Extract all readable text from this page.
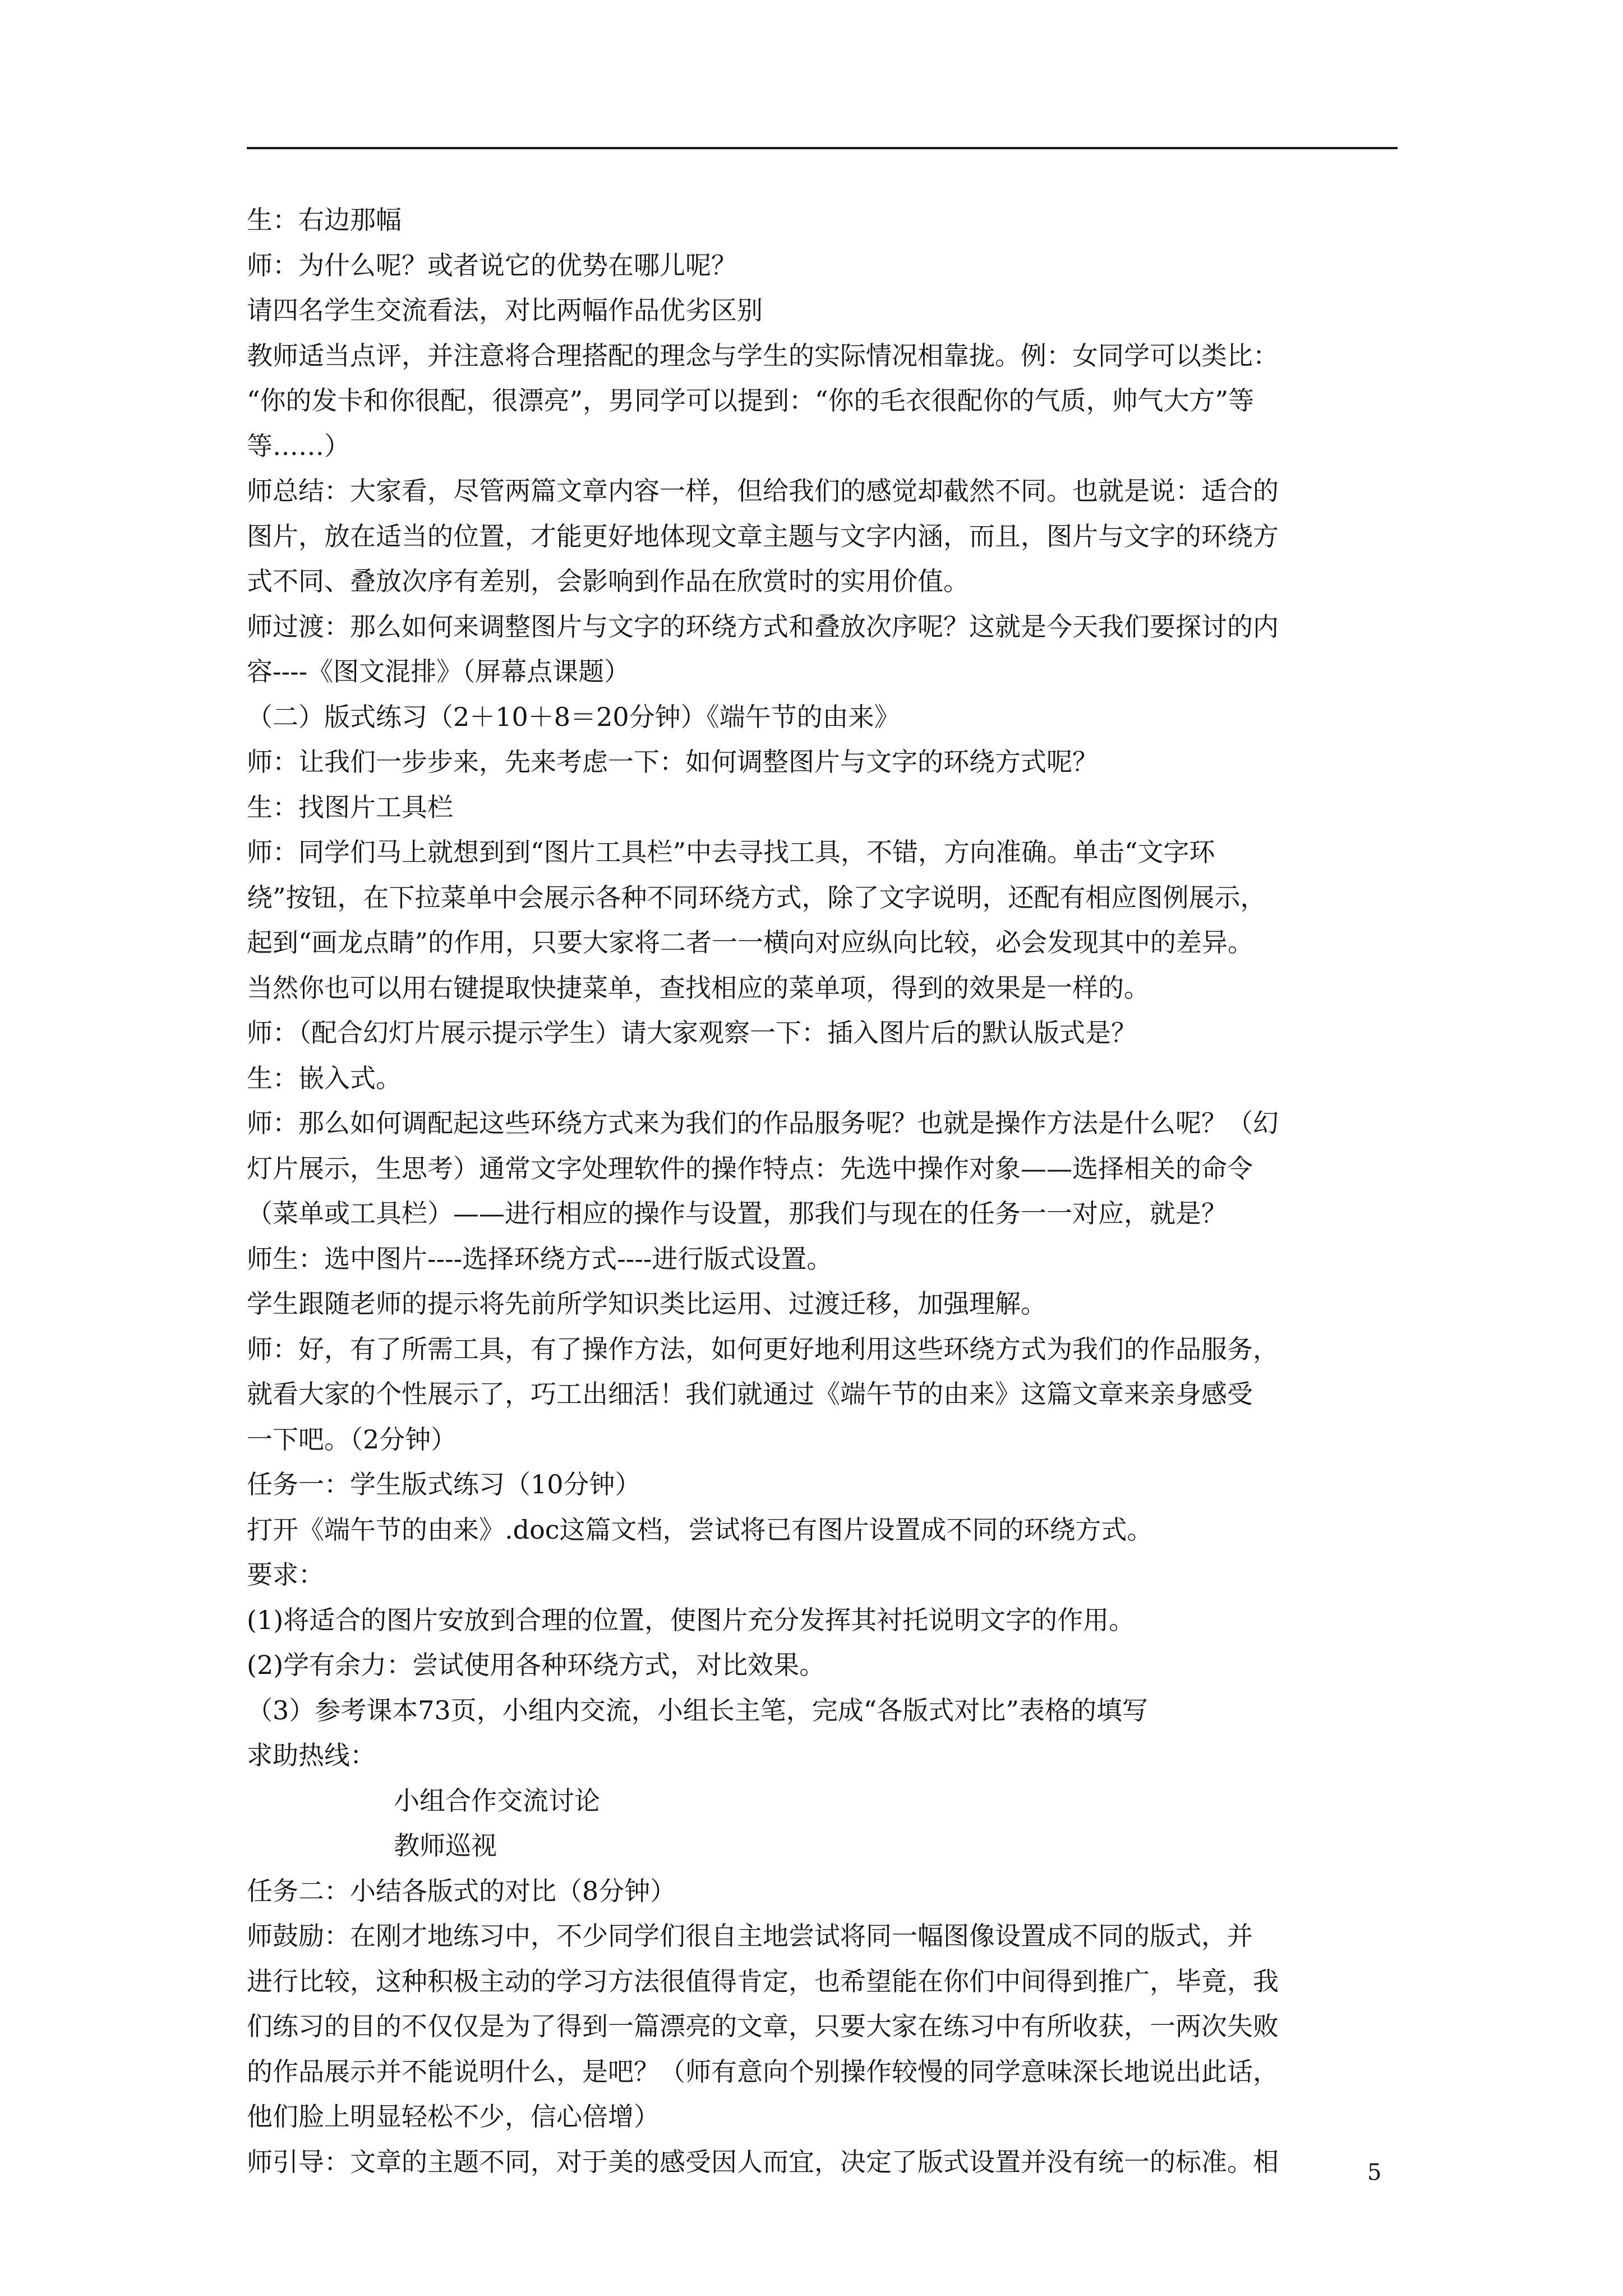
生：右边那幅
师：为什么呢？或者说它的优势在哪儿呢？
请四名学生交流看法，对比两幅作品优劣区别
教师适当点评，并注意将合理搭配的理念与学生的实际情况相靠拢。例：女同学可以类比：
“你的发卡和你很配，很漂亮”，男同学可以提到：“你的毛衣很配你的气质，帅气大方”等
等……）
师总结：大家看，尽管两篇文章内容一样，但给我们的感觉却截然不同。也就是说：适合的
图片，放在适当的位置，才能更好地体现文章主题与文字内涵，而且，图片与文字的环绕方
式不同、叠放次序有差别，会影响到作品在欣赏时的实用价值。
师过渡：那么如何来调整图片与文字的环绕方式和叠放次序呢？这就是今天我们要探讨的内
容----《图文混排》（屏幕点课题）
（二）版式练习（2＋10＋8＝20分钟）《端午节的由来》
师：让我们一步步来，先来考虑一下：如何调整图片与文字的环绕方式呢？
生：找图片工具栏
师：同学们马上就想到到“图片工具栏”中去寻找工具，不错，方向准确。单击“文字环
绕”按钮，在下拉菜单中会展示各种不同环绕方式，除了文字说明，还配有相应图例展示，
起到“画龙点睛”的作用，只要大家将二者一一横向对应纵向比较，必会发现其中的差异。
当然你也可以用右键提取快捷菜单，查找相应的菜单项，得到的效果是一样的。
师：（配合幻灯片展示提示学生）请大家观察一下：插入图片后的默认版式是？
生：嵌入式。
师：那么如何调配起这些环绕方式来为我们的作品服务呢？也就是操作方法是什么呢？（幻
灯片展示，生思考）通常文字处理软件的操作特点：先选中操作对象——选择相关的命令
（菜单或工具栏）——进行相应的操作与设置，那我们与现在的任务一一对应，就是？
师生：选中图片----选择环绕方式----进行版式设置。
学生跟随老师的提示将先前所学知识类比运用、过渡迁移，加强理解。
师：好，有了所需工具，有了操作方法，如何更好地利用这些环绕方式为我们的作品服务，
就看大家的个性展示了，巧工出细活！我们就通过《端午节的由来》这篇文章来亲身感受
一下吧。（2分钟）
任务一：学生版式练习（10分钟）
打开《端午节的由来》.doc这篇文档，尝试将已有图片设置成不同的环绕方式。
要求：
(1)将适合的图片安放到合理的位置，使图片充分发挥其衬托说明文字的作用。
(2)学有余力：尝试使用各种环绕方式，对比效果。
（3）参考课本73页，小组内交流，小组长主笔，完成“各版式对比”表格的填写
求助热线：
小组合作交流讨论
教师巡视
任务二：小结各版式的对比（8分钟）
师鼓励：在刚才地练习中，不少同学们很自主地尝试将同一幅图像设置成不同的版式，并
进行比较，这种积极主动的学习方法很值得肯定，也希望能在你们中间得到推广，毕竟，我
们练习的目的不仅仅是为了得到一篇漂亮的文章，只要大家在练习中有所收获，一两次失败
的作品展示并不能说明什么，是吧？（师有意向个别操作较慢的同学意味深长地说出此话，
他们脸上明显轻松不少，信心倍增）
师引导：文章的主题不同，对于美的感受因人而宜，决定了版式设置并没有统一的标准。相	5
